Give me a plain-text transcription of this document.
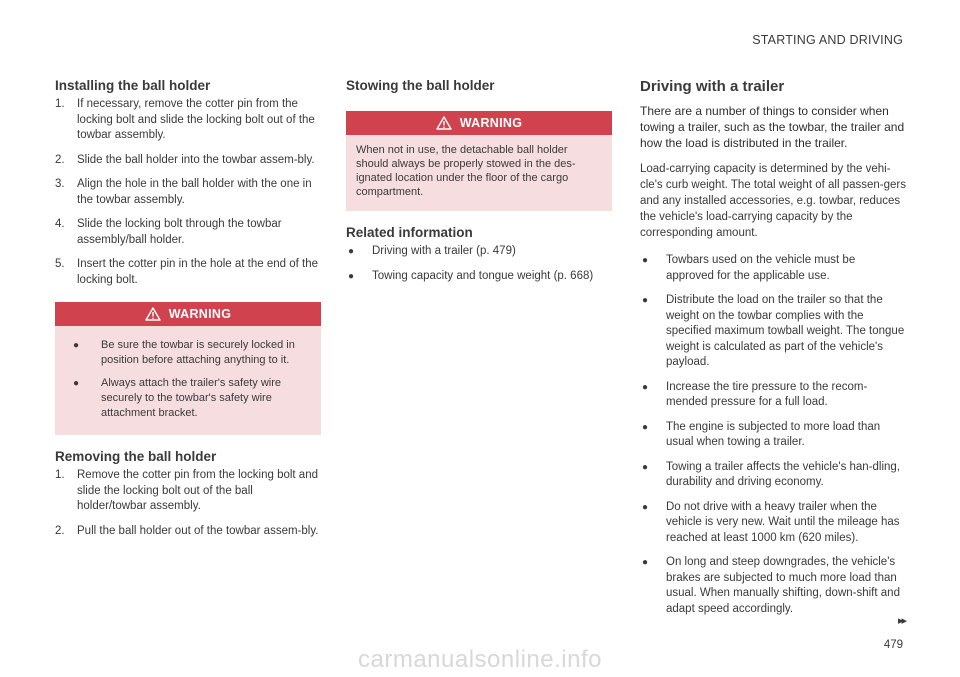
STARTING AND DRIVING
Installing the ball holder
1.	If necessary, remove the cotter pin from the locking bolt and slide the locking bolt out of the towbar assembly.
2.	Slide the ball holder into the towbar assem-bly.
3.	Align the hole in the ball holder with the one in the towbar assembly.
4.	Slide the locking bolt through the towbar assembly/ball holder.
5.	Insert the cotter pin in the hole at the end of the locking bolt.
WARNING
●	Be sure the towbar is securely locked in position before attaching anything to it.
●	Always attach the trailer's safety wire securely to the towbar's safety wire attachment bracket.
Removing the ball holder
1.	Remove the cotter pin from the locking bolt and slide the locking bolt out of the ball holder/towbar assembly.
2.	Pull the ball holder out of the towbar assem-bly.
Stowing the ball holder
WARNING

When not in use, the detachable ball holder should always be properly stowed in the des-ignated location under the floor of the cargo compartment.

Related information
●	Driving with a trailer (p. 479)
●	Towing capacity and tongue weight (p. 668)
Driving with a trailer

There are a number of things to consider when towing a trailer, such as the towbar, the trailer and how the load is distributed in the trailer.

Load-carrying capacity is determined by the vehi-cle's curb weight. The total weight of all passen-gers and any installed accessories, e.g. towbar, reduces the vehicle's load-carrying capacity by the corresponding amount.

●	Towbars used on the vehicle must be approved for the applicable use.
●	Distribute the load on the trailer so that the weight on the towbar complies with the specified maximum towball weight. The tongue weight is calculated as part of the vehicle's payload.
●	Increase the tire pressure to the recom-mended pressure for a full load.
●	The engine is subjected to more load than usual when towing a trailer.
●	Towing a trailer affects the vehicle's han-dling, durability and driving economy.
●	Do not drive with a heavy trailer when the vehicle is very new. Wait until the mileage has reached at least 1000 km (620 miles).
●	On long and steep downgrades, the vehicle's brakes are subjected to much more load than usual. When manually shifting, down-shift and adapt speed accordingly.
▸▸
479
carmanualsonline.info
